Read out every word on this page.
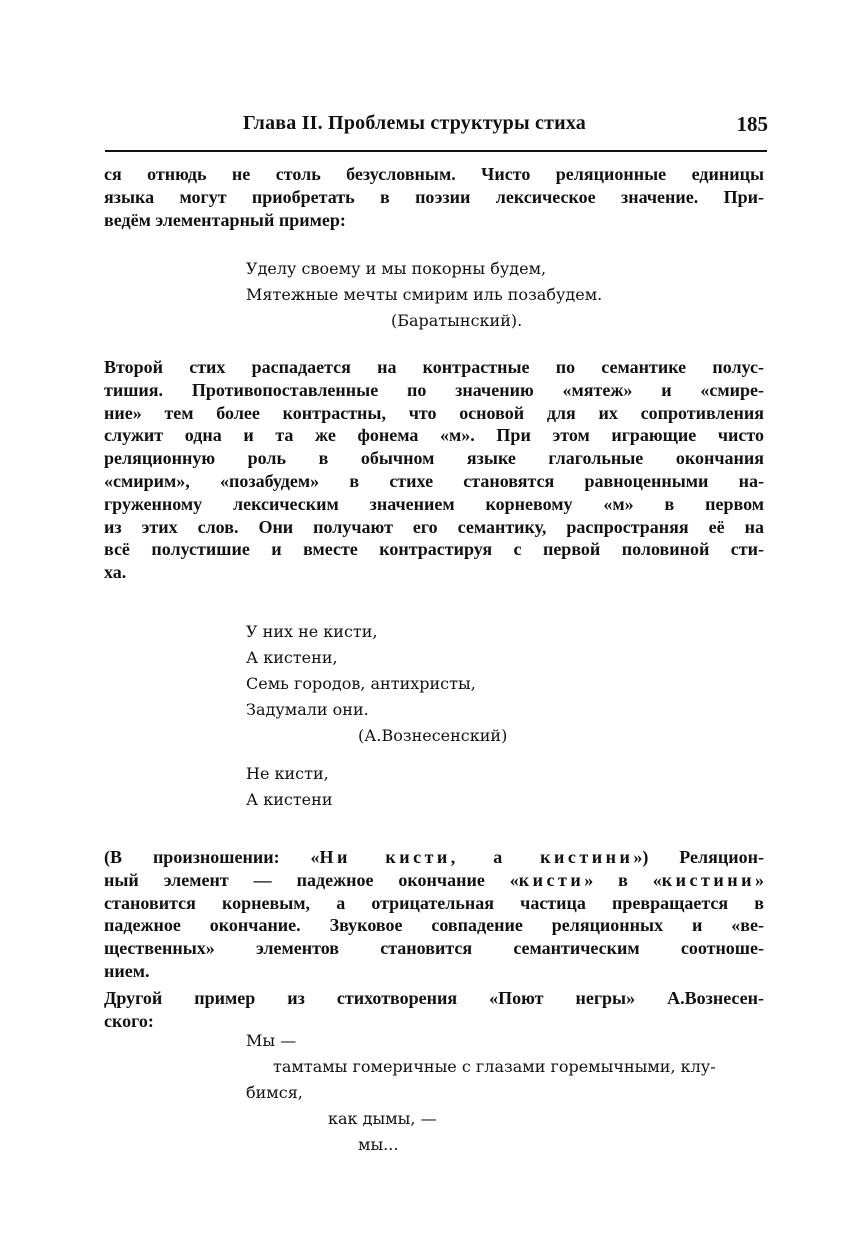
Глава II. Проблемы структуры стиха	185
ся отнюдь не столь безусловным. Чисто реляционные единицы
языка могут приобретать в поэзии лексическое значение. При-
ведём элементарный пример:
Уделу своему и мы покорны будем,
Мятежные мечты смирим иль позабудем.
(Баратынский).
Второй стих распадается на контрастные по семантике полус-
тишия. Противопоставленные по значению «мятеж» и «смире-
ние» тем более контрастны, что основой для их сопротивления
служит одна и та же фонема «м». При этом играющие чисто
реляционную роль в обычном языке глагольные окончания
«смирим», «позабудем» в стихе становятся равноценными на-
груженному лексическим значением корневому «м» в первом
из этих слов. Они получают его семантику, распространяя её на
всё полустишие и вместе контрастируя с первой половиной сти-
ха.
У них не кисти,
А кистени,
Семь городов, антихристы,
Задумали они.
(А.Вознесенский)
Не кисти,
А кистени
(В произношении: «Ни кисти, а кистини») Реляцион-
ный элемент — падежное окончание «кисти» в «кистини»
становится корневым, а отрицательная частица превращается в
падежное окончание. Звуковое совпадение реляционных и «ве-
щественных» элементов становится семантическим соотноше-
нием.
Другой пример из стихотворения «Поют негры» А.Вознесен-
ского:
Мы —
тамтамы гомеричные с глазами горемычными, клу-
бимся,
как дымы, —
мы...
